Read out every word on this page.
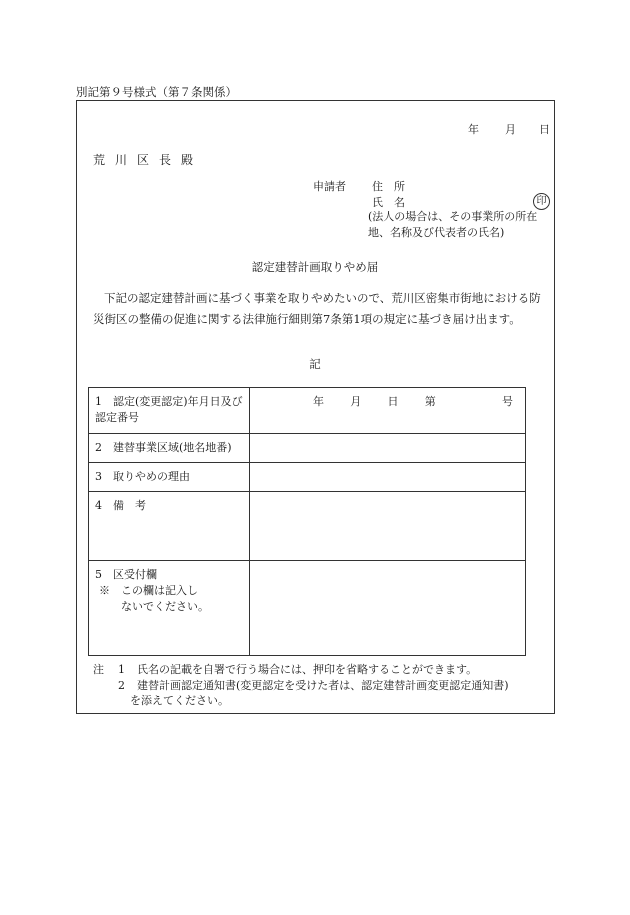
別記第９号様式（第７条関係）
年 月 日
荒 川 区 長 殿
申請者 住　所
氏　名	印
(法人の場合は、その事業所の所在
地、名称及び代表者の氏名)
認定建替計画取りやめ届
下記の認定建替計画に基づく事業を取りやめたいので、荒川区密集市街地における防災街区の整備の促進に関する法律施行細則第7条第1項の規定に基づき届け出ます。
記
1　 認定(変更認定)年月日及び認定番号	年 月 日 第 号

2　 建替事業区域(地名地番)	
3　 取りやめの理由	
4　 備　考	

5　 区受付欄
※　この欄は記入し
ないでください。	

注 1 氏名の記載を自署で行う場合には、押印を省略することができます。
2 建替計画認定通知書(変更認定を受けた者は、認定建替計画変更認定通知書)
を添えてください。
